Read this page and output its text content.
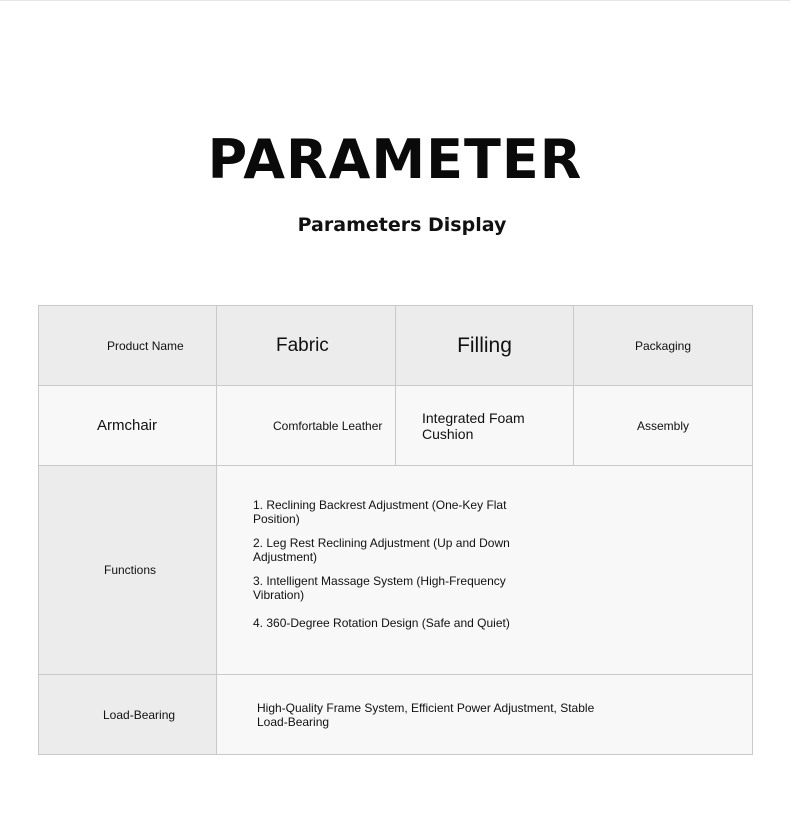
PARAMETER
Parameters Display
Product Name	Fabric	Filling	Packaging
Armchair	Comfortable Leather	Integrated Foam Cushion	Assembly
Functions	1. Reclining Backrest Adjustment (One-Key Flat Position)
2. Leg Rest Reclining Adjustment (Up and Down Adjustment)
3. Intelligent Massage System (High-Frequency Vibration)
4. 360-Degree Rotation Design (Safe and Quiet)		

Load-Bearing	High-Quality Frame System, Efficient Power Adjustment, Stable Load-Bearing		
